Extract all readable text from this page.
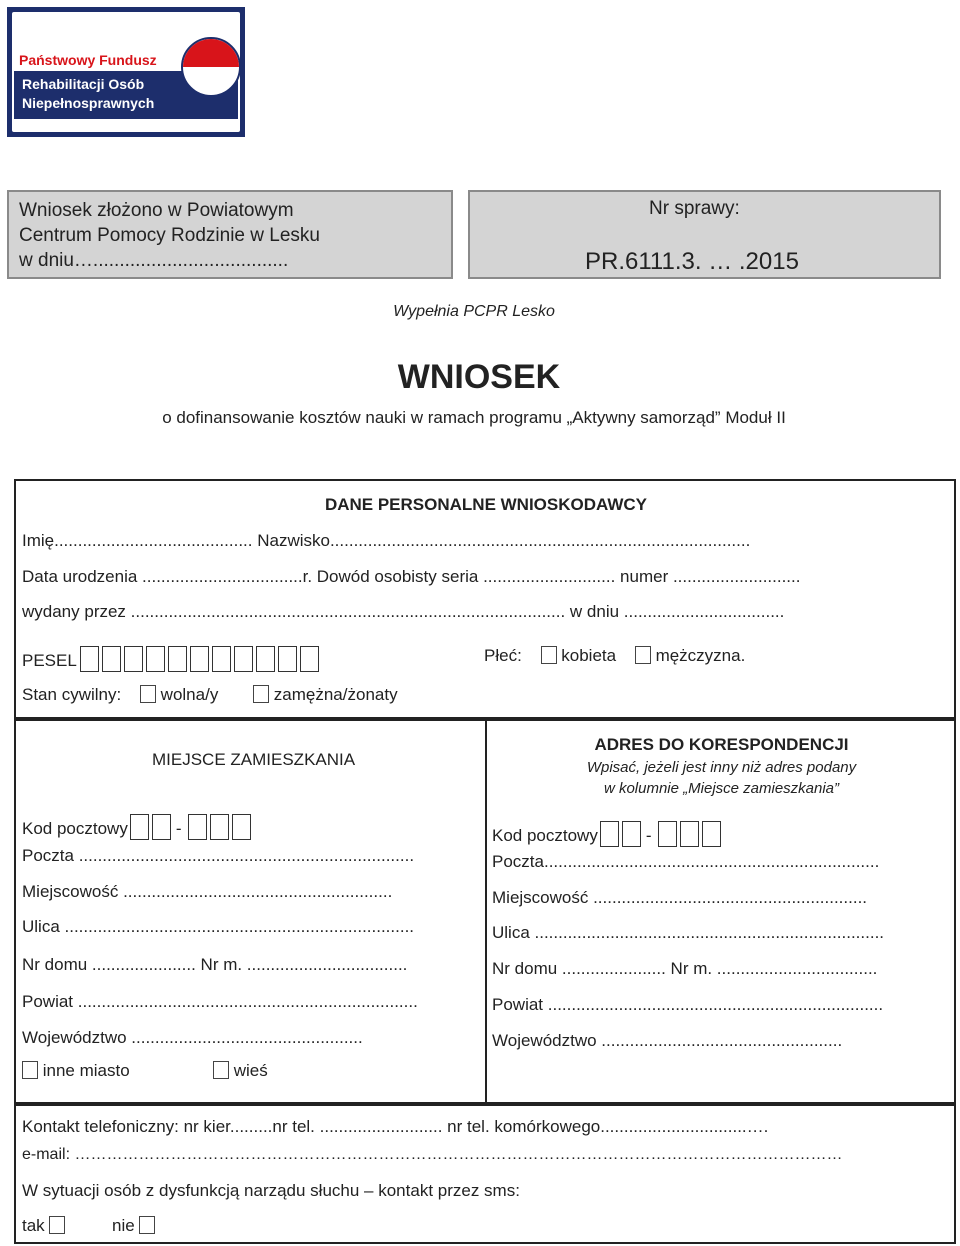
Państwowy Fundusz
Rehabilitacji Osób
Niepełnosprawnych
Wniosek złożono w Powiatowym
Centrum Pomocy Rodzinie w Lesku
w dniu….....................................
Nr sprawy:
PR.6111.3. … .2015
Wypełnia PCPR Lesko
WNIOSEK
o dofinansowanie kosztów nauki w ramach programu „Aktywny samorząd” Moduł II
DANE PERSONALNE WNIOSKODAWCY
Imię.......................................... Nazwisko.........................................................................................
Data urodzenia ..................................r. Dowód osobisty seria ............................ numer ...........................
wydany przez ............................................................................................ w dniu ..................................
PESEL	Płeć: kobieta mężczyzna.
Stan cywilny: wolna/y	zamężna/żonaty
MIEJSCE ZAMIESZKANIA
Kod pocztowy	-
Poczta .......................................................................
Miejscowość .........................................................
Ulica ..........................................................................
Nr domu ...................... Nr m. ..................................
Powiat ........................................................................
Województwo .................................................
inne miasto	wieś
ADRES DO KORESPONDENCJI
Wpisać, jeżeli jest inny niż adres podany
w kolumnie „Miejsce zamieszkania”
Kod pocztowy	-
Poczta.......................................................................
Miejscowość ..........................................................
Ulica ..........................................................................
Nr domu ...................... Nr m. ..................................
Powiat .......................................................................
Województwo ...................................................
Kontakt telefoniczny: nr kier.........nr tel. .......................... nr tel. komórkowego...............................….
e-mail: ………………………………………………………………………………………………………………………………
W sytuacji osób z dysfunkcją narządu słuchu – kontakt przez sms:
tak	nie
